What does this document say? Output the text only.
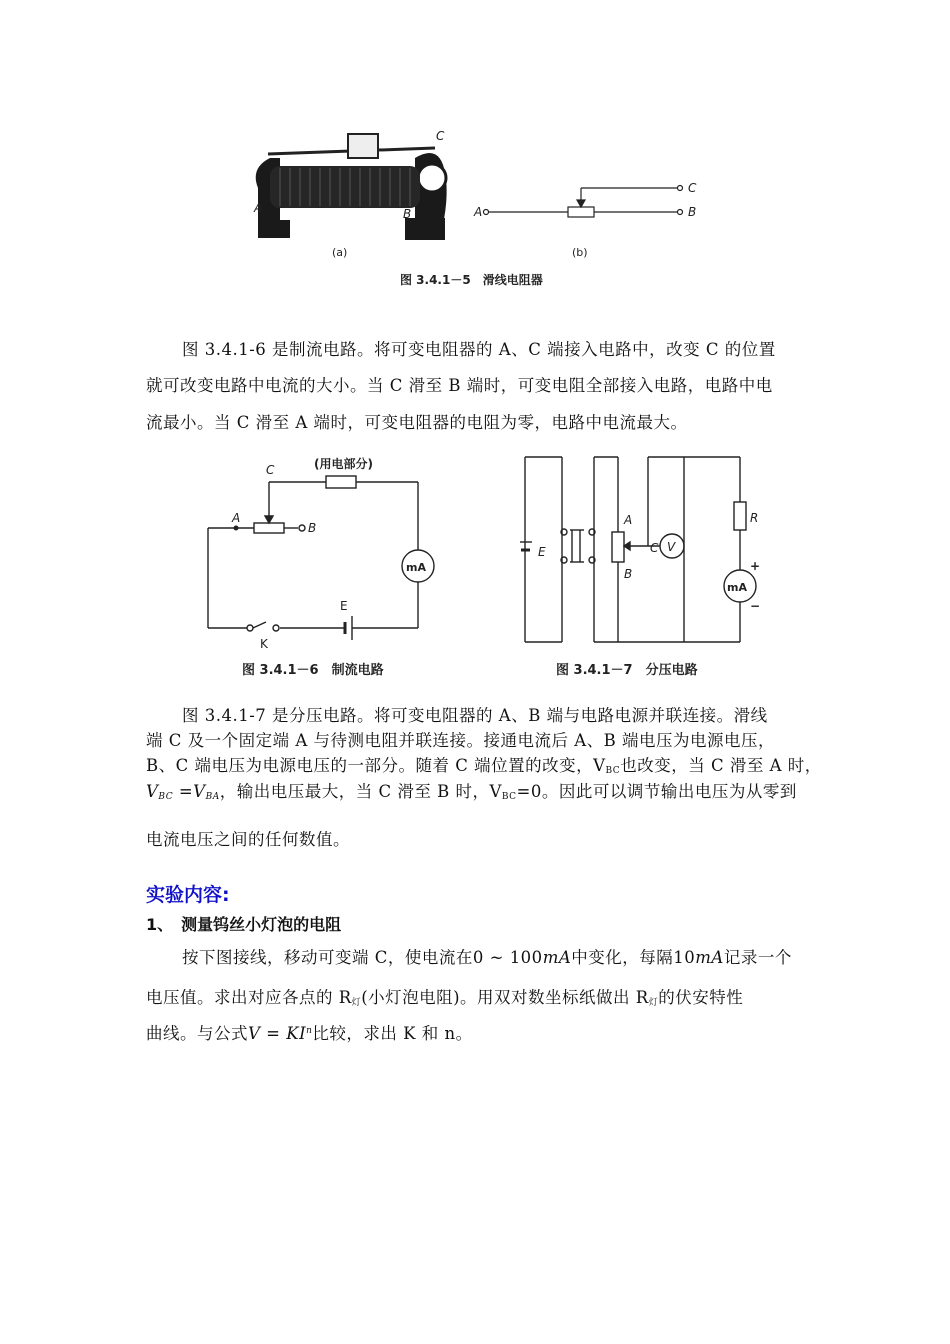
A	B
C
(a)
A	B
C
(b)
图 3.4.1－5　滑线电阻器
图 3.4.1-6 是制流电路。将可变电阻器的 A、C 端接入电路中，改变 C 的位置
就可改变电路中电流的大小。当 C 滑至 B 端时，可变电阻全部接入电路，电路中电
流最小。当 C 滑至 A 端时，可变电阻器的电阻为零，电路中电流最大。
C	(用电部分)
A
B
mA
E
K
图 3.4.1－6　制流电路
E
A
B
C V
R
mA
+
−
图 3.4.1－7　分压电路
图 3.4.1-7 是分压电路。将可变电阻器的 A、B 端与电路电源并联连接。滑线
端 C 及一个固定端 A 与待测电阻并联连接。接通电流后 A、B 端电压为电源电压，
B、C 端电压为电源电压的一部分。随着 C 端位置的改变，$V_{BC}$也改变，当 C 滑至 A 时，
$V_{BC} =V_{BA}$，输出电压最大，当 C 滑至 B 时，$V_{BC}=0$。因此可以调节输出电压为从零到
电流电压之间的任何数值。
实验内容:
1、　测量钨丝小灯泡的电阻
按下图接线，移动可变端 C，使电流在0 ~ 100mA中变化，每隔10mA记录一个
电压值。求出对应各点的 $R_灯$(小灯泡电阻)。用双对数坐标纸做出 $R_灯$的伏安特性
曲线。与公式$V = KI^n$比较，求出 K 和 n。
